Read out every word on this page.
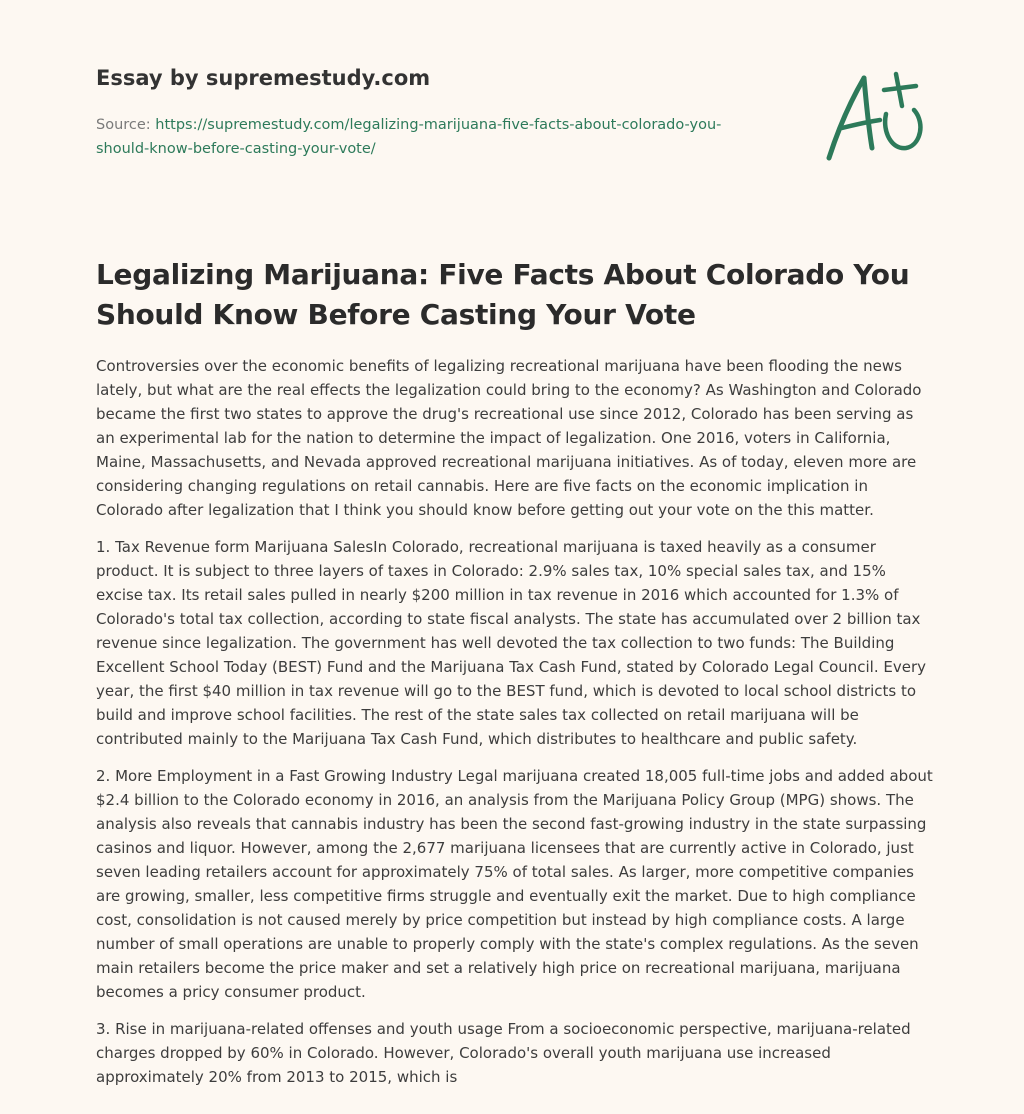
Essay by supremestudy.com
Source: https://supremestudy.com/legalizing-marijuana-five-facts-about-colorado-you-
should-know-before-casting-your-vote/
Legalizing Marijuana: Five Facts About Colorado You
Should Know Before Casting Your Vote

Controversies over the economic benefits of legalizing recreational marijuana have been flooding the news lately, but what are the real effects the legalization could bring to the economy? As Washington and Colorado became the first two states to approve the drug's recreational use since 2012, Colorado has been serving as an experimental lab for the nation to determine the impact of legalization. One 2016, voters in California, Maine, Massachusetts, and Nevada approved recreational marijuana initiatives. As of today, eleven more are considering changing regulations on retail cannabis. Here are five facts on the economic implication in Colorado after legalization that I think you should know before getting out your vote on the this matter.

1. Tax Revenue form Marijuana SalesIn Colorado, recreational marijuana is taxed heavily as a consumer product. It is subject to three layers of taxes in Colorado: 2.9% sales tax, 10% special sales tax, and 15% excise tax. Its retail sales pulled in nearly $200 million in tax revenue in 2016 which accounted for 1.3% of Colorado's total tax collection, according to state fiscal analysts. The state has accumulated over 2 billion tax revenue since legalization. The government has well devoted the tax collection to two funds: The Building Excellent School Today (BEST) Fund and the Marijuana Tax Cash Fund, stated by Colorado Legal Council. Every year, the first $40 million in tax revenue will go to the BEST fund, which is devoted to local school districts to build and improve school facilities. The rest of the state sales tax collected on retail marijuana will be contributed mainly to the Marijuana Tax Cash Fund, which distributes to healthcare and public safety.

2. More Employment in a Fast Growing Industry Legal marijuana created 18,005 full-time jobs and added about $2.4 billion to the Colorado economy in 2016, an analysis from the Marijuana Policy Group (MPG) shows. The analysis also reveals that cannabis industry has been the second fast-growing industry in the state surpassing casinos and liquor. However, among the 2,677 marijuana licensees that are currently active in Colorado, just seven leading retailers account for approximately 75% of total sales. As larger, more competitive companies are growing, smaller, less competitive firms struggle and eventually exit the market. Due to high compliance cost, consolidation is not caused merely by price competition but instead by high compliance costs. A large number of small operations are unable to properly comply with the state's complex regulations. As the seven main retailers become the price maker and set a relatively high price on recreational marijuana, marijuana becomes a pricy consumer product.

3. Rise in marijuana-related offenses and youth usage From a socioeconomic perspective, marijuana-related charges dropped by 60% in Colorado. However, Colorado's overall youth marijuana use increased approximately 20% from 2013 to 2015, which is
